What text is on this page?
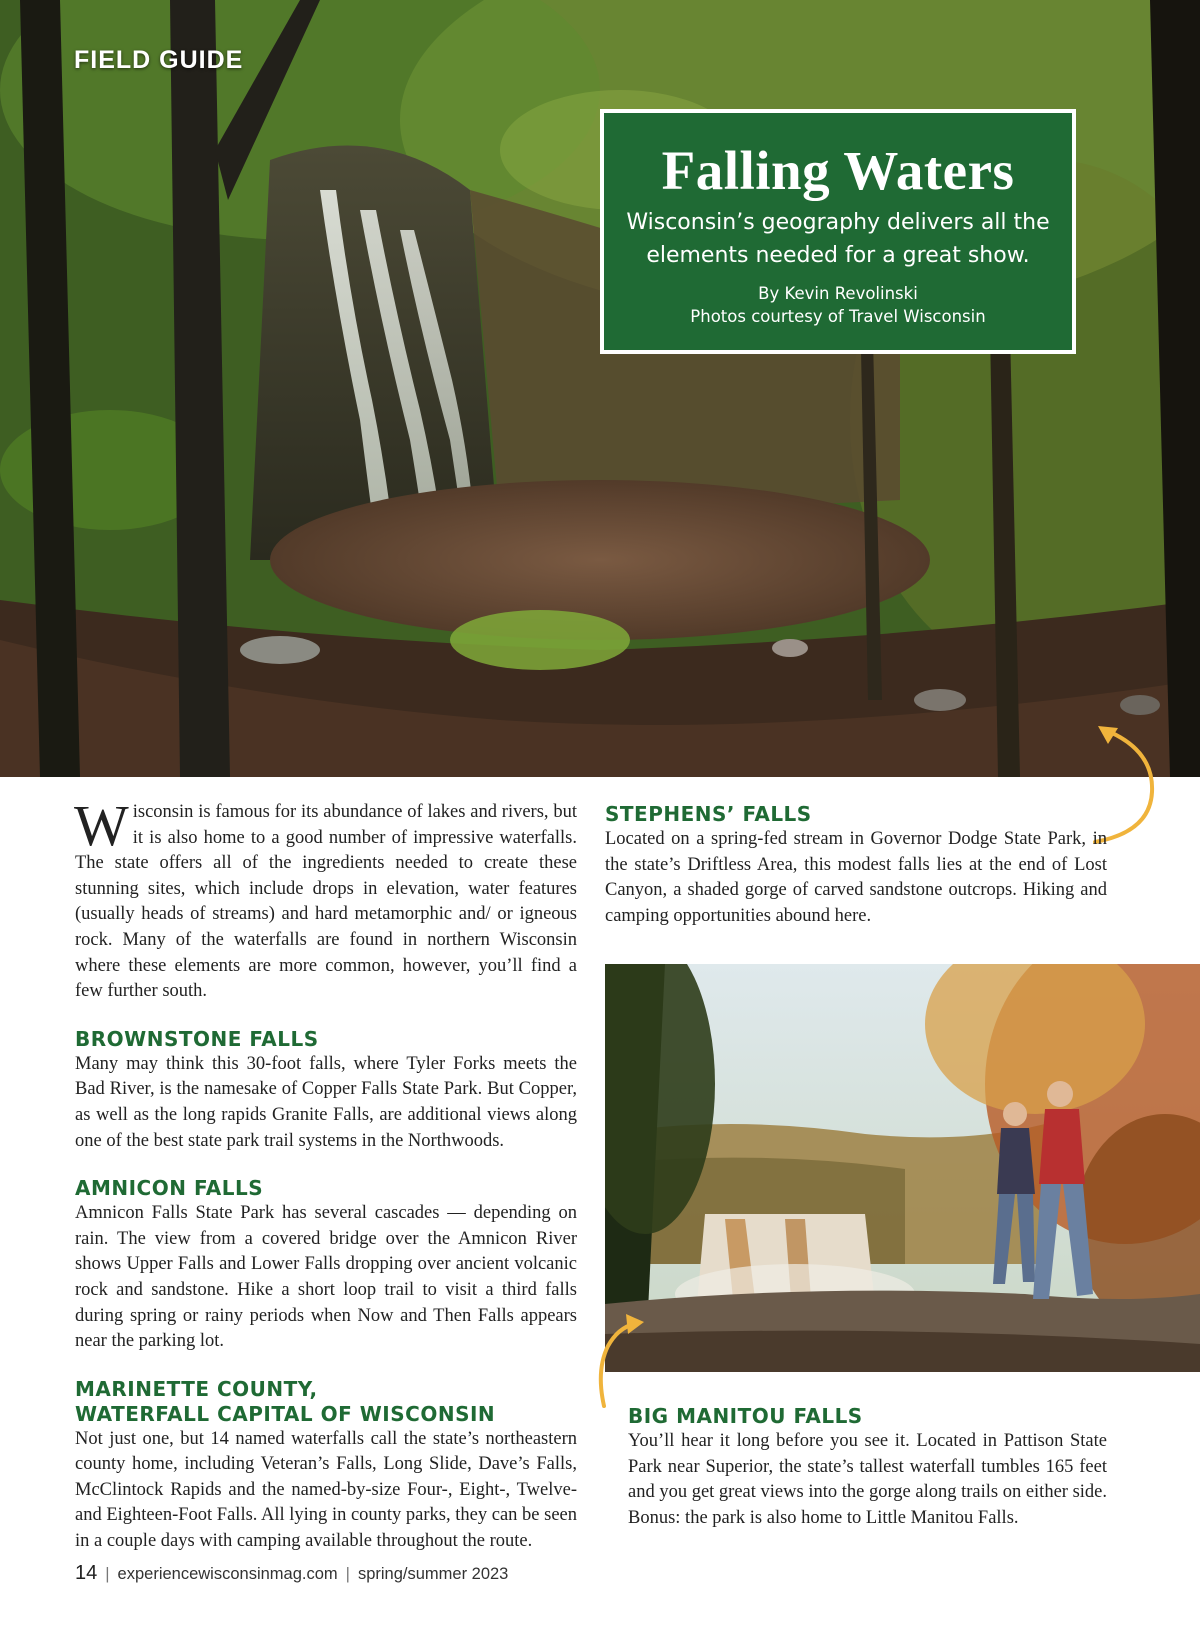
FIELD GUIDE
Falling Waters
Wisconsin’s geography delivers all the elements needed for a great show.
By Kevin Revolinski
Photos courtesy of Travel Wisconsin

Wisconsin is famous for its abundance of lakes and rivers, but it is also home to a good number of impressive waterfalls. The state offers all of the ingredients needed to create these stunning sites, which include drops in elevation, water features (usually heads of streams) and hard metamorphic and/ or igneous rock. Many of the waterfalls are found in northern Wisconsin where these elements are more common, however, you’ll find a few further south.

BROWNSTONE FALLS

Many may think this 30-foot falls, where Tyler Forks meets the Bad River, is the namesake of Copper Falls State Park. But Copper, as well as the long rapids Granite Falls, are additional views along one of the best state park trail systems in the Northwoods.

AMNICON FALLS

Amnicon Falls State Park has several cascades — depending on rain. The view from a covered bridge over the Amnicon River shows Upper Falls and Lower Falls dropping over ancient volcanic rock and sandstone. Hike a short loop trail to visit a third falls during spring or rainy periods when Now and Then Falls appears near the parking lot.

MARINETTE COUNTY,
WATERFALL CAPITAL OF WISCONSIN

Not just one, but 14 named waterfalls call the state’s northeastern county home, including Veteran’s Falls, Long Slide, Dave’s Falls, McClintock Rapids and the named-by-size Four-, Eight-, Twelve- and Eighteen-Foot Falls. All lying in county parks, they can be seen in a couple days with camping available throughout the route.

STEPHENS’ FALLS

Located on a spring-fed stream in Governor Dodge State Park, in the state’s Driftless Area, this modest falls lies at the end of Lost Canyon, a shaded gorge of carved sandstone outcrops. Hiking and camping opportunities abound here.

BIG MANITOU FALLS

You’ll hear it long before you see it. Located in Pattison State Park near Superior, the state’s tallest waterfall tumbles 165 feet and you get great views into the gorge along trails on either side. Bonus: the park is also home to Little Manitou Falls.

14 | experiencewisconsinmag.com | spring/summer 2023
